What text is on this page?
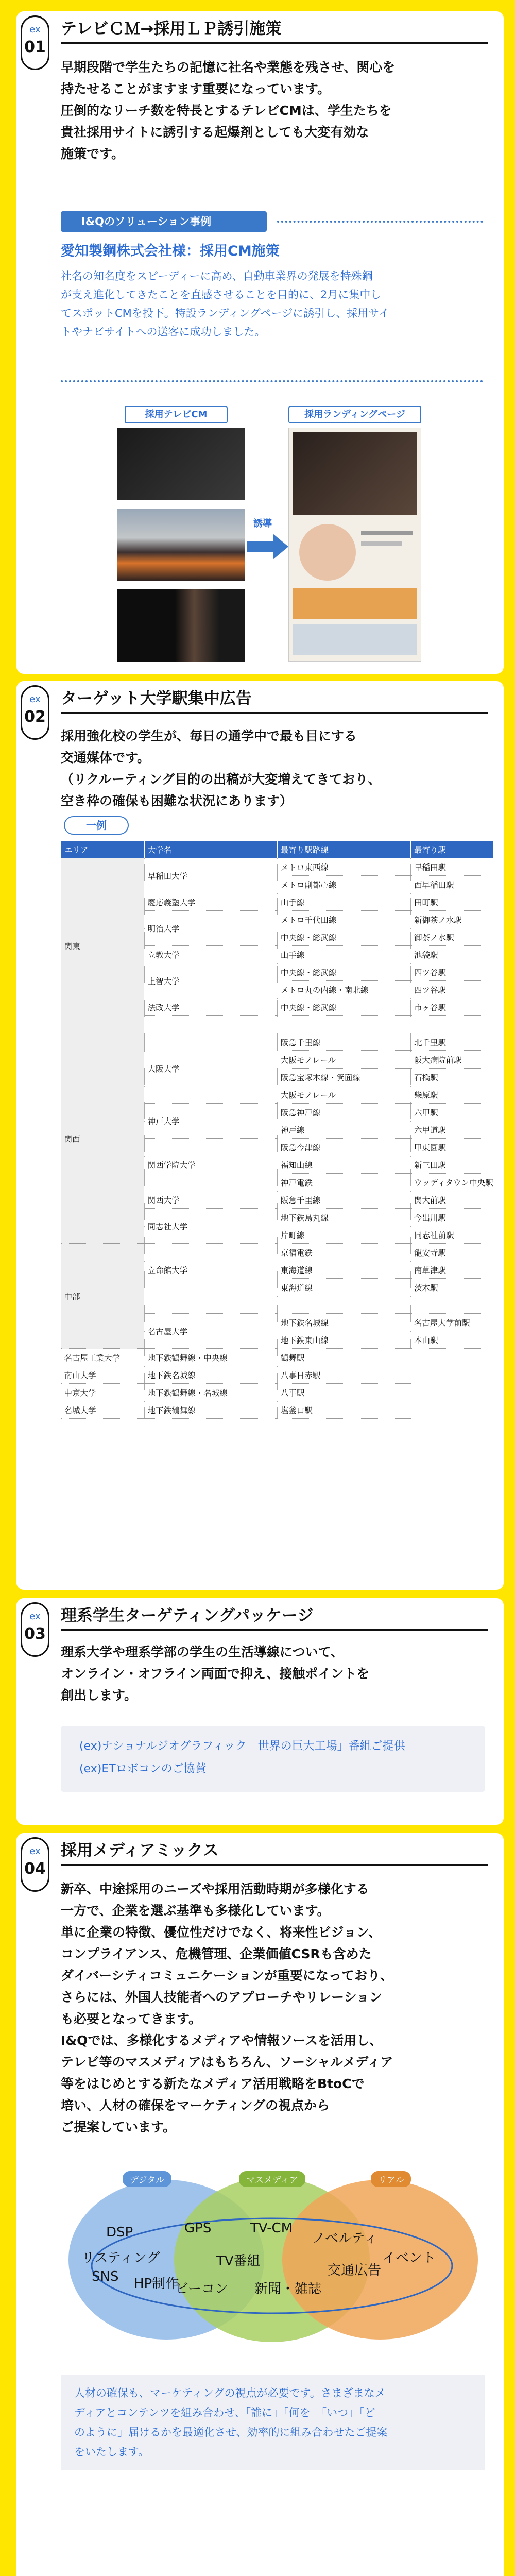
ex
01
テレビＣＭ→採用ＬＰ誘引施策
早期段階で学生たちの記憶に社名や業態を残させ、関心を
持たせることがますます重要になっています。
圧倒的なリーチ数を特長とするテレビCMは、学生たちを
貴社採用サイトに誘引する起爆剤としても大変有効な
施策です。
I&Qのソリューション事例
愛知製鋼株式会社様：採用CM施策
社名の知名度をスピーディーに高め、自動車業界の発展を特殊鋼
が支え進化してきたことを直感させることを目的に、2月に集中し
てスポットCMを投下。特設ランディングページに誘引し、採用サイ
トやナビサイトへの送客に成功しました。
採用テレビCM	採用ランディングページ
誘導
ex
02
ターゲット大学駅集中広告
採用強化校の学生が、毎日の通学中で最も目にする
交通媒体です。
（リクルーティング目的の出稿が大変増えてきており、
空き枠の確保も困難な状況にあります）
一例
エリア	大学名	最寄り駅路線	最寄り駅
関東	早稲田大学	メトロ東西線	早稲田駅
		メトロ副都心線	西早稲田駅
	慶応義塾大学	山手線	田町駅
	明治大学	メトロ千代田線	新御茶ノ水駅
		中央線・総武線	御茶ノ水駅
	立教大学	山手線	池袋駅
	上智大学	中央線・総武線	四ツ谷駅
		メトロ丸の内線・南北線	四ツ谷駅
	法政大学	中央線・総武線	市ヶ谷駅

関西	大阪大学	阪急千里線	北千里駅
		大阪モノレール	阪大病院前駅
		阪急宝塚本線・箕面線	石橋駅
		大阪モノレール	柴原駅
	神戸大学	阪急神戸線	六甲駅
		神戸線	六甲道駅
	関西学院大学	阪急今津線	甲東園駅
		福知山線	新三田駅
		神戸電鉄	ウッディタウン中央駅
	関西大学	阪急千里線	関大前駅
	同志社大学	地下鉄烏丸線	今出川駅
		片町線	同志社前駅
中部	立命館大学	京福電鉄	龍安寺駅
		東海道線	南草津駅
		東海道線	茨木駅

	名古屋大学	地下鉄名城線	名古屋大学前駅
		地下鉄東山線	本山駅
名古屋工業大学	地下鉄鶴舞線・中央線	鶴舞駅	
南山大学	地下鉄名城線	八事日赤駅	
中京大学	地下鉄鶴舞線・名城線	八事駅	
名城大学	地下鉄鶴舞線	塩釜口駅	
ex
03
理系学生ターゲティングパッケージ
理系大学や理系学部の学生の生活導線について、
オンライン・オフライン両面で抑え、接触ポイントを
創出します。
(ex)ナショナルジオグラフィック「世界の巨大工場」番組ご提供
(ex)ETロボコンのご協賛
ex
04
採用メディアミックス
新卒、中途採用のニーズや採用活動時期が多様化する
一方で、企業を選ぶ基準も多様化しています。
単に企業の特徴、優位性だけでなく、将来性ビジョン、
コンプライアンス、危機管理、企業価値CSRも含めた
ダイバーシティコミュニケーションが重要になっており、
さらには、外国人技能者へのアプローチやリレーション
も必要となってきます。
I&Qでは、多様化するメディアや情報ソースを活用し、
テレビ等のマスメディアはもちろん、ソーシャルメディア
等をはじめとする新たなメディア活用戦略をBtoCで
培い、人材の確保をマーケティングの視点から
ご提案しています。
デジタル	マスメディア	リアル
DSP	GPS	TV-CM
ノベルティ
リスティング	イベント
TV番組
SNS HP制作
交通広告
ビーコン 新聞・雑誌
人材の確保も、マーケティングの視点が必要です。さまざまなメ
ディアとコンテンツを組み合わせ、「誰に」「何を」「いつ」「ど
のように」届けるかを最適化させ、効率的に組み合わせたご提案
をいたします。
